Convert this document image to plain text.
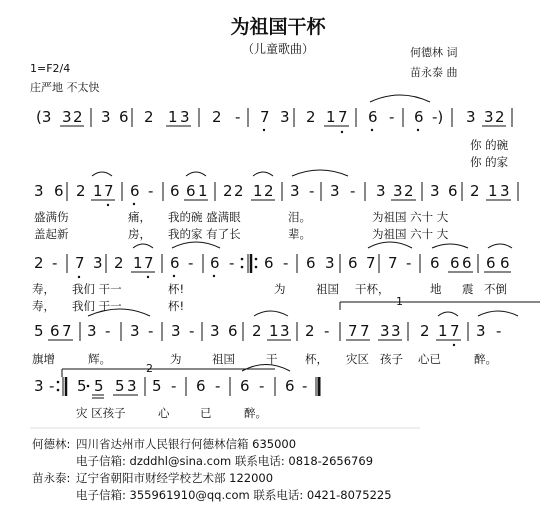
为祖国干杯
（儿童歌曲）	何德林 词
苗永泰 曲
1=F2/4
庄严地 不太快
(3 3 2 3 6 2 1 3 2 - 7 3 2 1 7 6 - 6 -) 3 3 2
3 6 2 1 7 6 - 6 6 1 2 2 1 2 3 - 3 - 3 3 2 3 6 2 1 3
2 - 7 3 2 1 7 6 - 6 - 6 - 6 3 6 7 7 - 6 6 6 6 6
5 6 7 3 - 3 - 3 - 3 6 2 1 3 2 - 7 7 3 3 2 1 7 3 -
3 - 5 5 5 3 5 - 6 - 6 - 6 -
1
2
你 的碗
你 的家
盛满伤	痛， 我的碗 盛满眼	泪。	为祖国 六十 大
盖起新	房， 我的家 有了长	辈。	为祖国 六十 大
寿， 我们 干一	杯!	为	祖国 干杯，	地 震 不倒
寿， 我们 干一	杯!
旗增	辉。	为	祖国	干 杯， 灾区 孩子 心已	醉。
灾 区孩子	心	已	醉。
何德林: 四川省达州市人民银行何德林信箱 635000
电子信箱: dzddhl@sina.com 联系电话: 0818-2656769
苗永泰: 辽宁省朝阳市财经学校艺术部 122000
电子信箱: 355961910@qq.com 联系电话: 0421-8075225
